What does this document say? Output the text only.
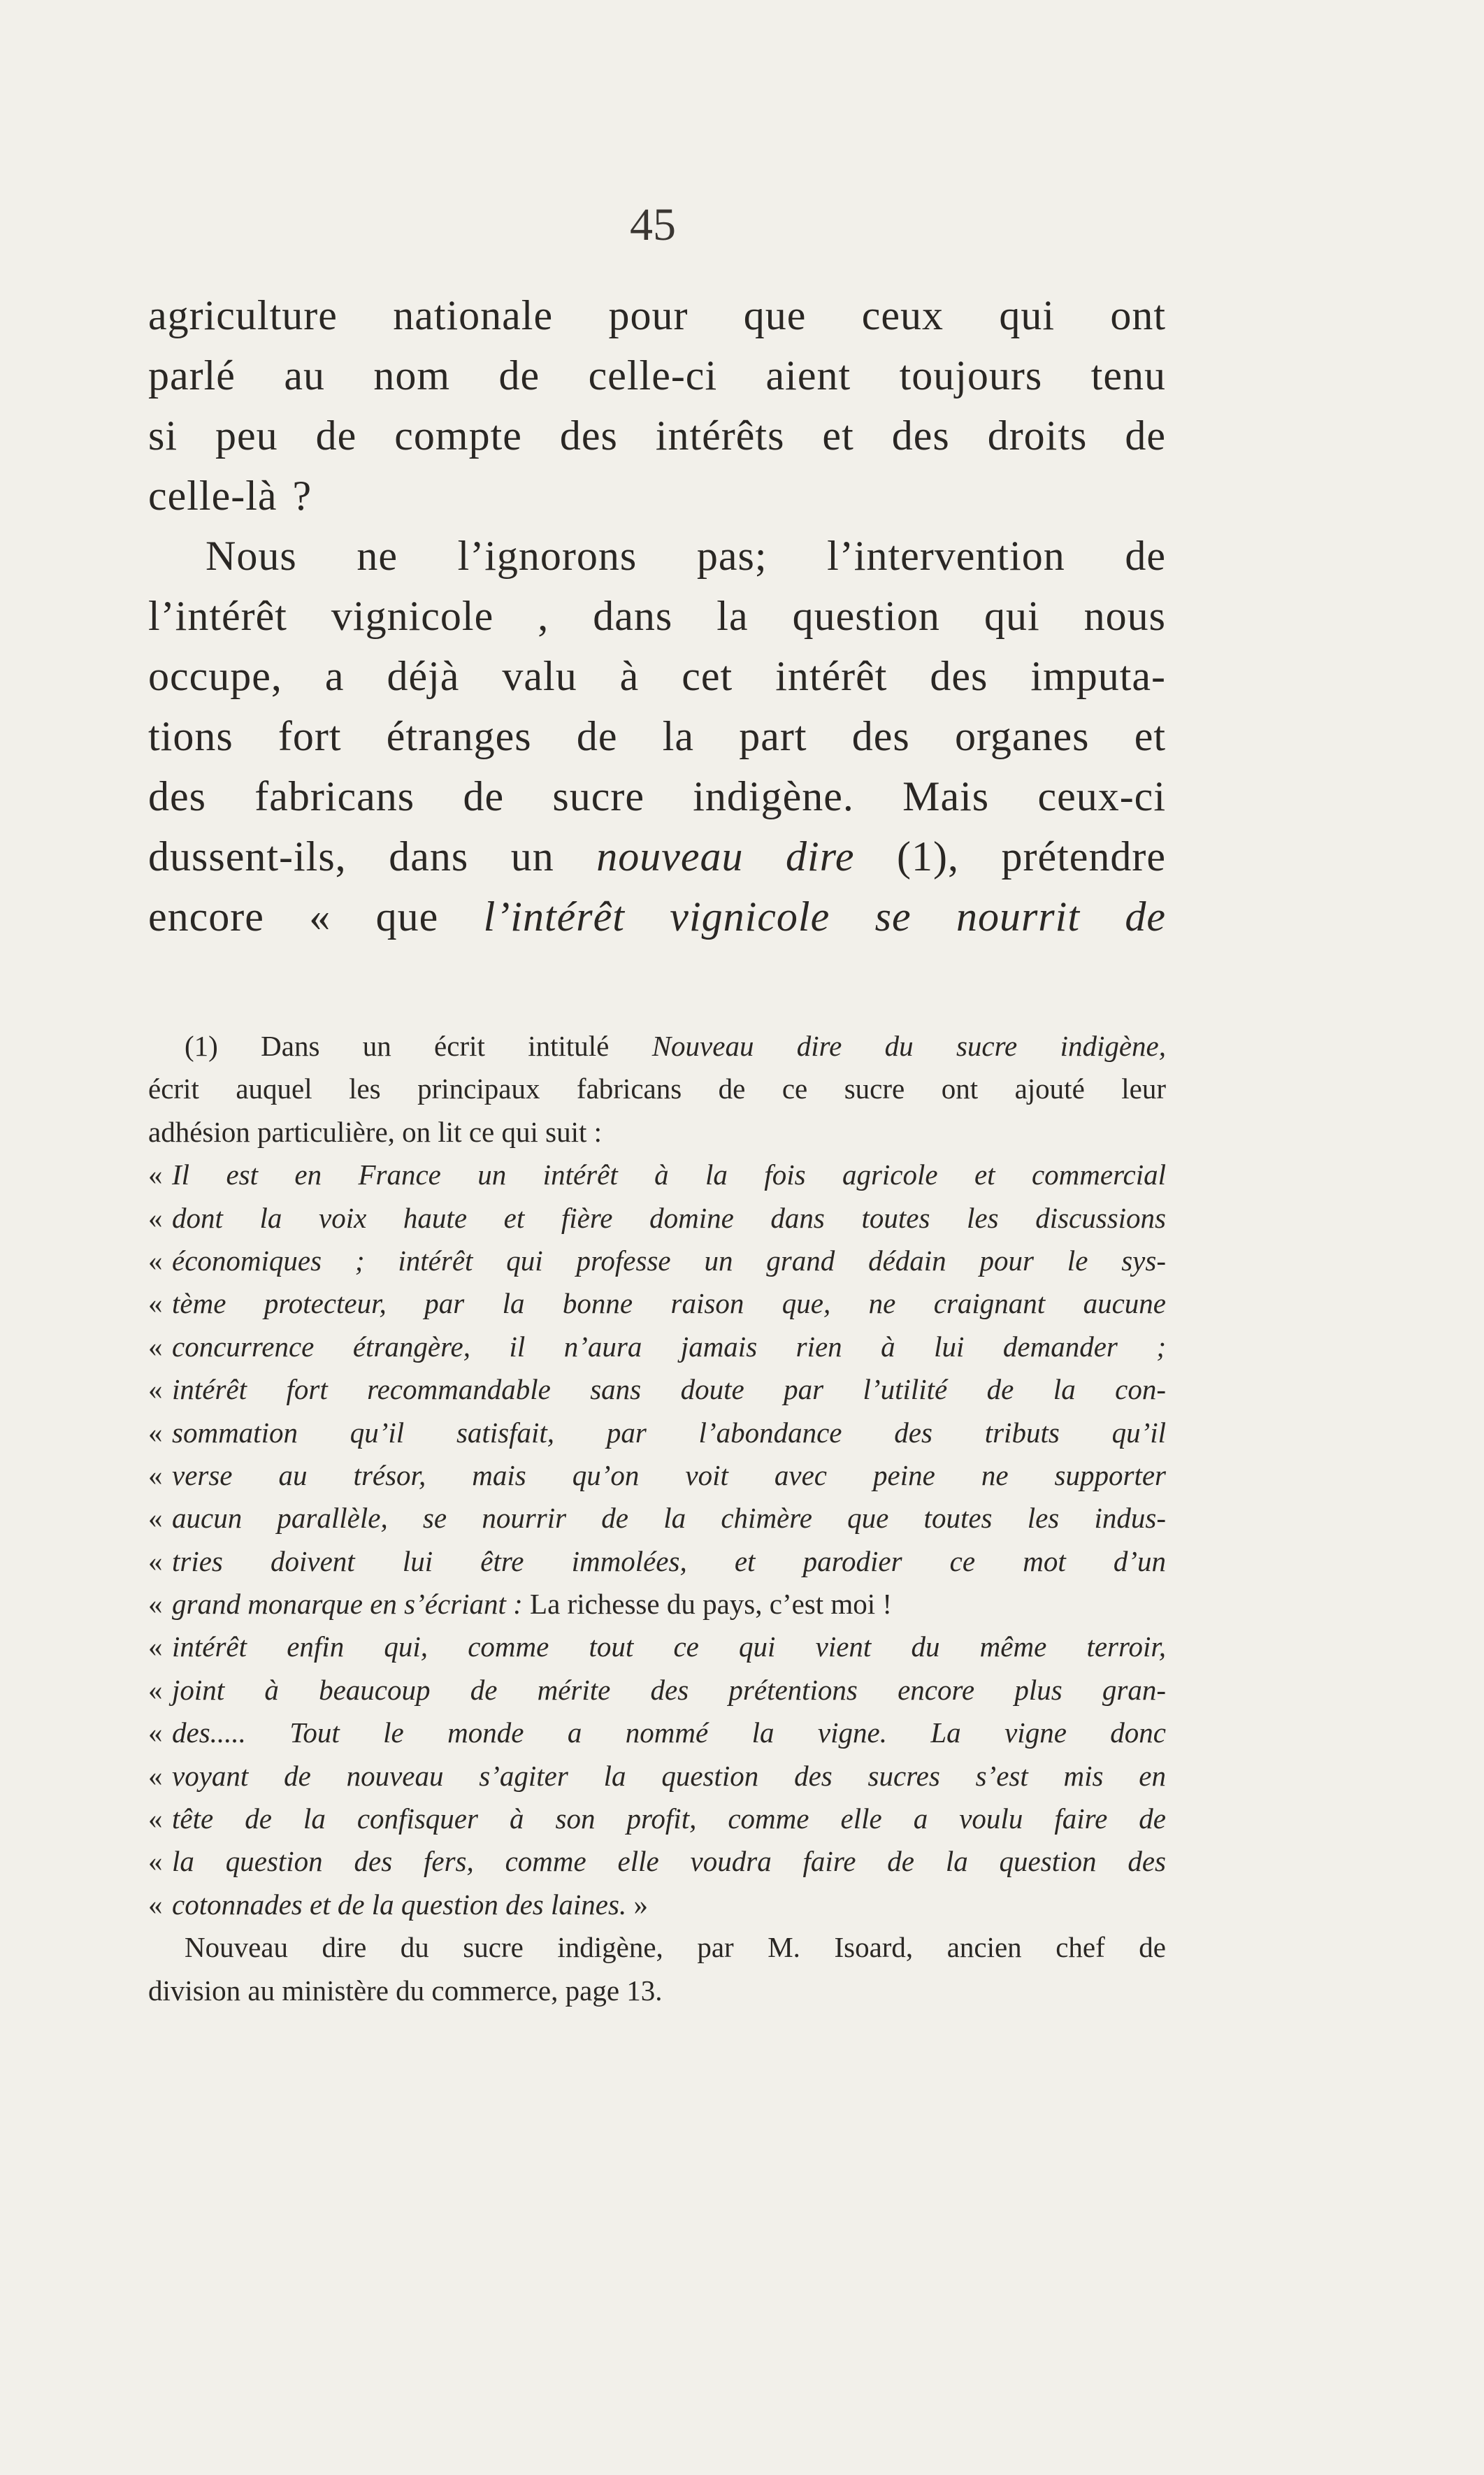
45
agriculture nationale pour que ceux qui ont
parlé au nom de celle-ci aient toujours tenu
si peu de compte des intérêts et des droits de
celle-là ?
Nous ne l’ignorons pas; l’intervention de
l’intérêt vignicole , dans la question qui nous
occupe, a déjà valu à cet intérêt des imputa-
tions fort étranges de la part des organes et
des fabricans de sucre indigène. Mais ceux-ci
dussent-ils, dans un nouveau dire (1), prétendre
encore « que l’intérêt vignicole se nourrit de
(1) Dans un écrit intitulé Nouveau dire du sucre indigène,
écrit auquel les principaux fabricans de ce sucre ont ajouté leur
adhésion particulière, on lit ce qui suit :
« Il est en France un intérêt à la fois agricole et commercial
« dont la voix haute et fière domine dans toutes les discussions
« économiques ; intérêt qui professe un grand dédain pour le sys-
« tème protecteur, par la bonne raison que, ne craignant aucune
« concurrence étrangère, il n’aura jamais rien à lui demander ;
« intérêt fort recommandable sans doute par l’utilité de la con-
« sommation qu’il satisfait, par l’abondance des tributs qu’il
« verse au trésor, mais qu’on voit avec peine ne supporter
« aucun parallèle, se nourrir de la chimère que toutes les indus-
« tries doivent lui être immolées, et parodier ce mot d’un
« grand monarque en s’écriant : La richesse du pays, c’est moi !
« intérêt enfin qui, comme tout ce qui vient du même terroir,
« joint à beaucoup de mérite des prétentions encore plus gran-
« des..... Tout le monde a nommé la vigne. La vigne donc
« voyant de nouveau s’agiter la question des sucres s’est mis en
« tête de la confisquer à son profit, comme elle a voulu faire de
« la question des fers, comme elle voudra faire de la question des
« cotonnades et de la question des laines. »
Nouveau dire du sucre indigène, par M. Isoard, ancien chef de
division au ministère du commerce, page 13.
